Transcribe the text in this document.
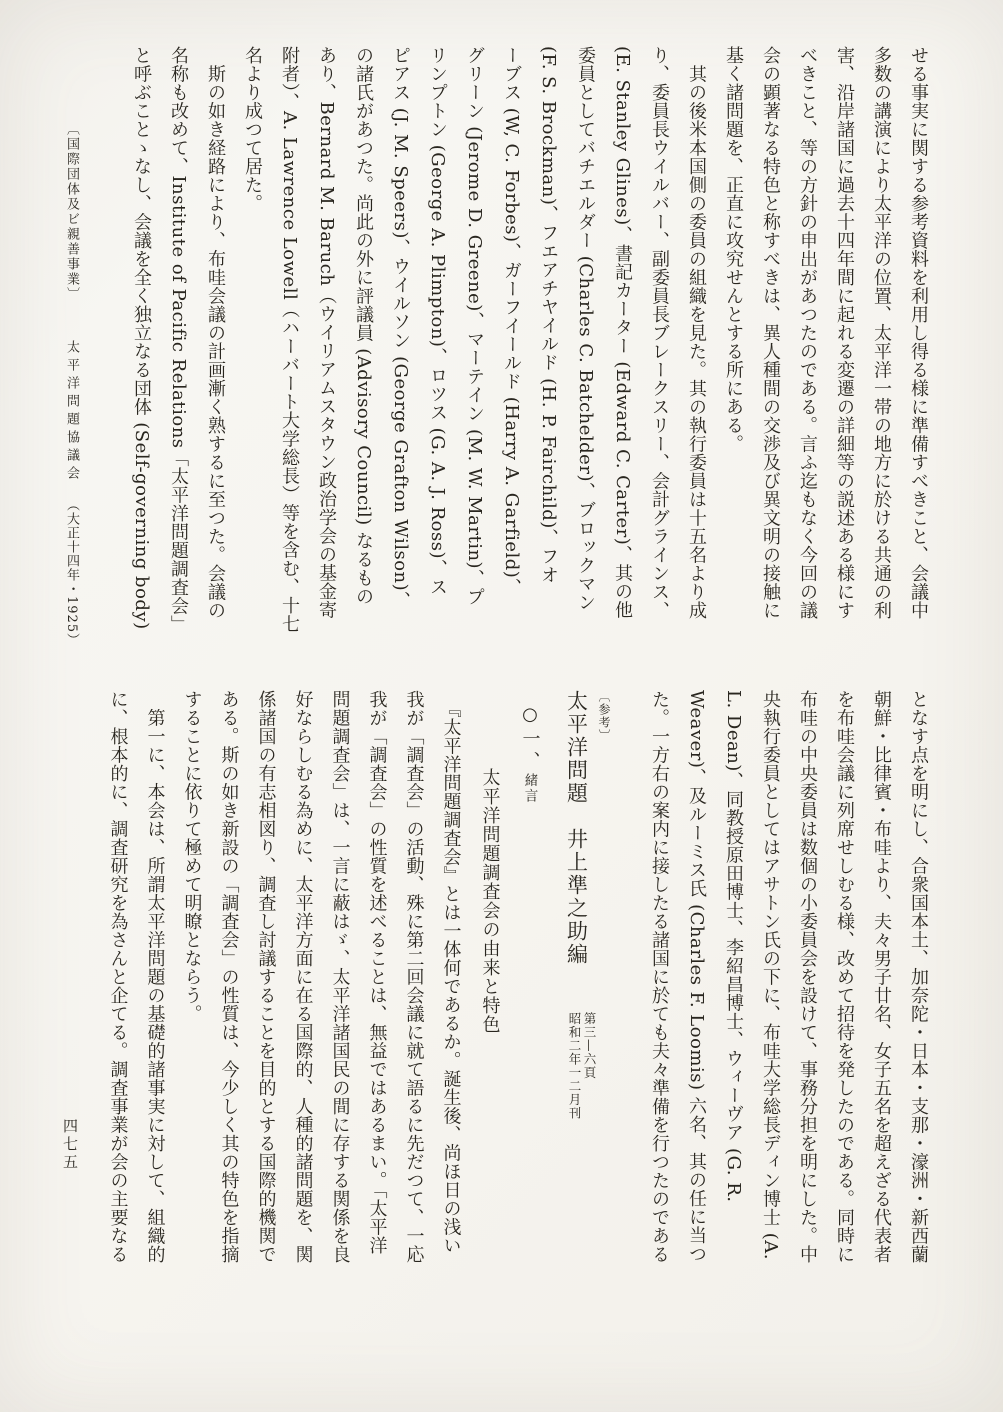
せる事実に関する参考資料を利用し得る様に準備すべきこと、会議中
多数の講演により太平洋の位置、太平洋一帯の地方に於ける共通の利
害、沿岸諸国に過去十四年間に起れる変遷の詳細等の説述ある様にす
べきこと、等の方針の申出があつたのである。言ふ迄もなく今回の議
会の顕著なる特色と称すべきは、異人種間の交渉及び異文明の接触に
基く諸問題を、正直に攻究せんとする所にある。
　其の後米本国側の委員の組織を見た。其の執行委員は十五名より成
り、委員長ウイルバー、副委員長ブレークスリー、会計グラインス、
(E. Stanley Glines)、書記カーター (Edward C. Carter)、其の他
委員としてバチエルダー (Charles C. Batchelder)、ブロックマン
(F. S. Brockman)、フエアチヤイルド (H. P. Fairchild)、フオ
ーブス (W, C. Forbes)、ガーフイールド (Harry A. Garfield)、
グリーン (Jerome D. Greene)、マーテイン (M. W. Martin)、プ
リンプトン (George A. Plimpton)、ロツス (G. A. J. Ross)、ス
ピアス (J. M. Speers)、ウイルソン (George Grafton Wilson)、
の諸氏があつた。尚此の外に評議員 (Advisory Council) なるもの
あり、Bernard M. Baruch（ウイリアムスタウン政治学会の基金寄
附者）、A. Lawrence Lowell（ハーバート大学総長）等を含む、十七
名より成つて居た。
　斯の如き経路により、布哇会議の計画漸く熟するに至つた。会議の
名称も改めて、Institute of Pacific Relations「太平洋問題調査会」
と呼ぶことゝなし、会議を全く独立なる団体 (Self-governing body)
〔国際団体及ビ親善事業〕太平洋問題協議会（大正十四年・1925）
となす点を明にし、合衆国本土、加奈陀・日本・支那・濠洲・新西蘭
朝鮮・比律賓・布哇より、夫々男子廿名、女子五名を超えざる代表者
を布哇会議に列席せしむる様、改めて招待を発したのである。同時に
布哇の中央委員は数個の小委員会を設けて、事務分担を明にした。中
央執行委員としてはアサトン氏の下に、布哇大学総長ディン博士 (A.
L. Dean)、同教授原田博士、李紹昌博士、ウィーヴア (G. R.
Weaver)、及ルーミス氏 (Charles F. Loomis) 六名、其の任に当つ
た。一方右の案内に接したる諸国に於ても夫々準備を行つたのである
〔参考〕
太平洋問題　井上準之助編　　
第三—六頁
昭和二年一二月刊
○一、緒言
太平洋問題調査会の由来と特色
　『太平洋問題調査会』とは一体何であるか。誕生後、尚ほ日の浅い
我が「調査会」の活動、殊に第二回会議に就て語るに先だつて、一応
我が「調査会」の性質を述べることは、無益ではあるまい。「太平洋
問題調査会」は、一言に蔽はゞ、太平洋諸国民の間に存する関係を良
好ならしむる為めに、太平洋方面に在る国際的、人種的諸問題を、関
係諸国の有志相図り、調査し討議することを目的とする国際的機関で
ある。斯の如き新設の「調査会」の性質は、今少しく其の特色を指摘
することに依りて極めて明瞭とならう。
　第一に、本会は、所謂太平洋問題の基礎的諸事実に対して、組織的
に、根本的に、調査研究を為さんと企てる。調査事業が会の主要なる
四七五
